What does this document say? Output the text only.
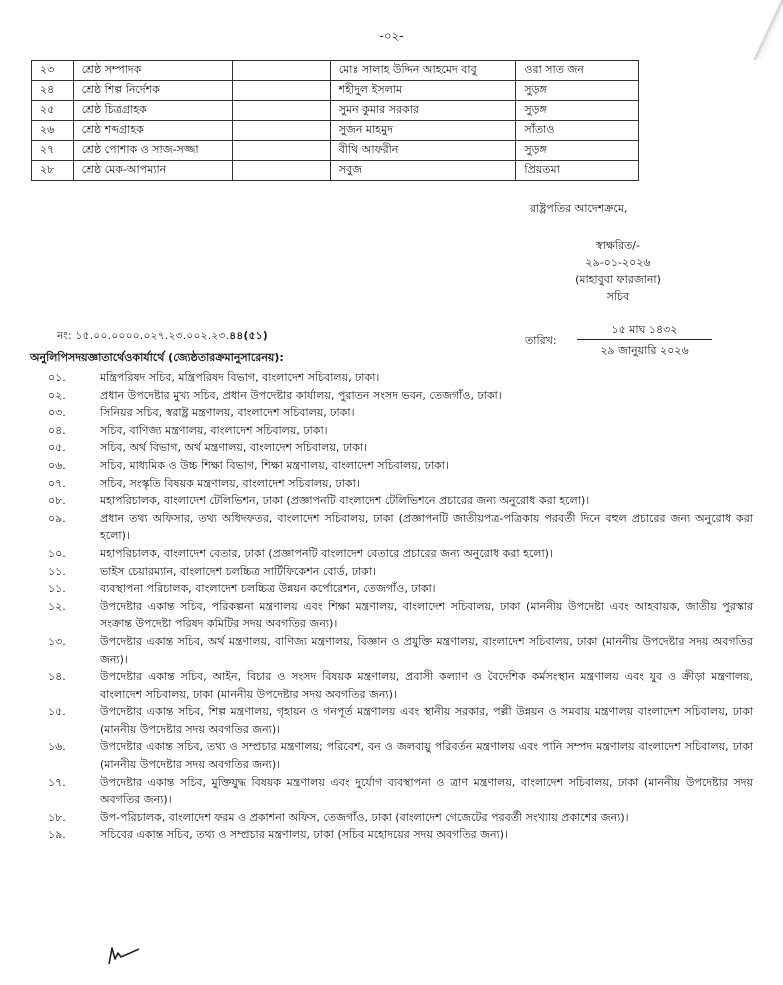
-০২-
২৩	শ্রেষ্ঠ সম্পাদক		মোঃ সালাহ উদ্দিন আহমেদ বাবু	ওরা সাত জন
২৪	শ্রেষ্ঠ শিল্প নির্দেশক		শহীদুল ইসলাম	সুড়ঙ্গ
২৫	শ্রেষ্ঠ চিত্রগ্রাহক		সুমন কুমার সরকার	সুড়ঙ্গ
২৬	শ্রেষ্ঠ শব্দগ্রাহক		সুজন মাহমুদ	সাঁতাও
২৭	শ্রেষ্ঠ পোশাক ও সাজ-সজ্জা		বীথি আফরীন	সুড়ঙ্গ
২৮	শ্রেষ্ঠ মেক-আপম্যান		সবুজ	প্রিয়তমা
রাষ্ট্রপতির আদেশক্রমে,
স্বাক্ষরিত/-
২৯-০১-২০২৬
(মাহাবুবা ফারজানা)
সচিব
নং: ১৫.০০.০০০০.০২৭.২৩.০০২.২৩.৪৪(৫১)	তারিখ:
১৫ মাঘ ১৪৩২
২৯ জানুয়ারি ২০২৬
অনুলিপিসদয়জ্ঞাতার্থেওকার্যার্থে (জ্যেষ্ঠতারক্রমানুসারেনয়):
০১.	মন্ত্রিপরিষদ সচিব, মন্ত্রিপরিষদ বিভাগ, বাংলাদেশ সচিবালয়, ঢাকা।
০২.	প্রধান উপদেষ্টার মুখ্য সচিব, প্রধান উপদেষ্টার কার্যালয়, পুরাতন সংসদ ভবন, তেজগাঁও, ঢাকা।
০৩.	সিনিয়র সচিব, স্বরাষ্ট্র মন্ত্রণালয়, বাংলাদেশ সচিবালয়, ঢাকা।
০৪.	সচিব, বাণিজ্য মন্ত্রণালয়, বাংলাদেশ সচিবালয়, ঢাকা।
০৫.	সচিব, অর্থ বিভাগ, অর্থ মন্ত্রণালয়, বাংলাদেশ সচিবালয়, ঢাকা।
০৬.	সচিব, মাধ্যমিক ও উচ্চ শিক্ষা বিভাগ, শিক্ষা মন্ত্রণালয়, বাংলাদেশ সচিবালয়, ঢাকা।
০৭.	সচিব, সংস্কৃতি বিষয়ক মন্ত্রণালয়, বাংলাদেশ সচিবালয়, ঢাকা।
০৮.	মহাপরিচালক, বাংলাদেশ টেলিভিশন, ঢাকা (প্রজ্ঞাপনটি বাংলাদেশ টেলিভিশনে প্রচারের জন্য অনুরোধ করা হলো)।
০৯.	প্রধান তথ্য অফিসার, তথ্য অধিদফতর, বাংলাদেশ সচিবালয়, ঢাকা (প্রজ্ঞাপনটি জাতীয়পত্র-পত্রিকায় পরবর্তী দিনে বহুল প্রচারের জন্য অনুরোধ করা হলো)।
১০.	মহাপরিচালক, বাংলাদেশ বেতার, ঢাকা (প্রজ্ঞাপনটি বাংলাদেশ বেতারে প্রচারের জন্য অনুরোধ করা হলো)।
১১.	ভাইস চেয়ারম্যান, বাংলাদেশ চলচ্চিত্র সার্টিফিকেশন বোর্ড, ঢাকা।
১১.	ব্যবস্থাপনা পরিচালক, বাংলাদেশ চলচ্চিত্র উন্নয়ন কর্পোরেশন, তেজগাঁও, ঢাকা।
১২.	উপদেষ্টার একান্ত সচিব, পরিকল্পনা মন্ত্রণালয় এবং শিক্ষা মন্ত্রণালয়, বাংলাদেশ সচিবালয়, ঢাকা (মাননীয় উপদেষ্টা এবং আহবায়ক, জাতীয় পুরস্কার সংক্রান্ত উপদেষ্টা পরিষদ কমিটির সদয় অবগতির জন্য)।
১৩.	উপদেষ্টার একান্ত সচিব, অর্থ মন্ত্রণালয়, বাণিজ্য মন্ত্রণালয়, বিজ্ঞান ও প্রযুক্তি মন্ত্রণালয়, বাংলাদেশ সচিবালয়, ঢাকা (মাননীয় উপদেষ্টার সদয় অবগতির জন্য)।
১৪.	উপদেষ্টার একান্ত সচিব, আইন, বিচার ও সংসদ বিষয়ক মন্ত্রণালয়, প্রবাসী কল্যাণ ও বৈদেশিক কর্মসংস্থান মন্ত্রণালয় এবং যুব ও ক্রীড়া মন্ত্রণালয়, বাংলাদেশ সচিবালয়, ঢাকা (মাননীয় উপদেষ্টার সদয় অবগতির জন্য)।
১৫.	উপদেষ্টার একান্ত সচিব, শিল্প মন্ত্রণালয়, গৃহায়ন ও গনপূর্ত মন্ত্রণালয় এবং স্থানীয় সরকার, পল্লী উন্নয়ন ও সমবায় মন্ত্রণালয় বাংলাদেশ সচিবালয়, ঢাকা (মাননীয় উপদেষ্টার সদয় অবগতির জন্য)।
১৬.	উপদেষ্টার একান্ত সচিব, তথ্য ও সম্প্রচার মন্ত্রণালয়; পরিবেশ, বন ও জলবায়ু পরিবর্তন মন্ত্রণালয় এবং পানি সম্পদ মন্ত্রণালয় বাংলাদেশ সচিবালয়, ঢাকা (মাননীয় উপদেষ্টার সদয় অবগতির জন্য)।
১৭.	উপদেষ্টার একান্ত সচিব, মুক্তিযুদ্ধ বিষয়ক মন্ত্রণালয় এবং দুর্যোগ ব্যবস্থাপনা ও ত্রাণ মন্ত্রণালয়, বাংলাদেশ সচিবালয়, ঢাকা (মাননীয় উপদেষ্টার সদয় অবগতির জন্য)।
১৮.	উপ-পরিচালক, বাংলাদেশ ফরম ও প্রকাশনা অফিস, তেজগাঁও, ঢাকা (বাংলাদেশ গেজেটের পরবর্তী সংখ্যায় প্রকাশের জন্য)।
১৯.	সচিবের একান্ত সচিব, তথ্য ও সম্প্রচার মন্ত্রণালয়, ঢাকা (সচিব মহোদয়ের সদয় অবগতির জন্য)।
